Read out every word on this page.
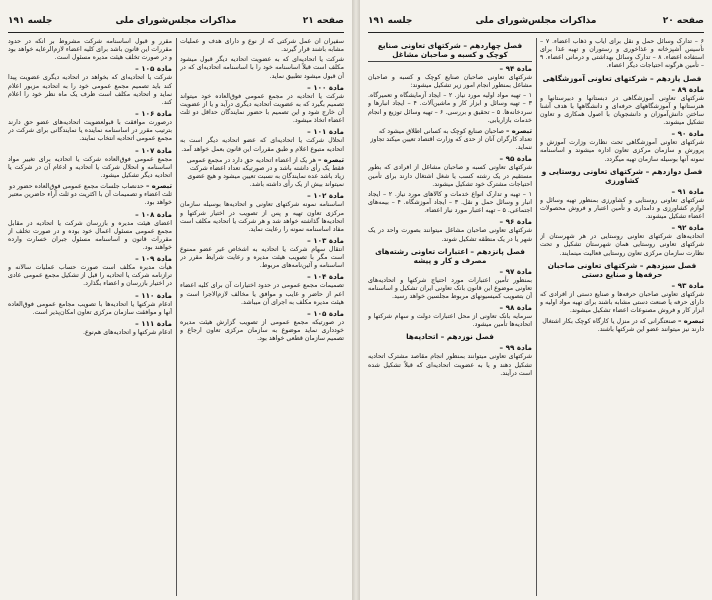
صفحه ۲۱
مذاکرات مجلس‌شورای ملی
جلسه ۱۹۱
سفیران آن عمل شرکتی که از نوع و دارای هدف و عملیات مشابه باشند قرار گیرند.
شرکت یا اتحادیه‌ای که به عضویت اتحادیه دیگر قبول میشود مکلف است قبلاً اساسنامه خود را با اساسنامه اتحادیه‌ای که در آن قبول میشود تطبیق نماید.
مادة ۱۰۰ –
شرکت یا اتحادیه در مجمع عمومی فوق‌العاده خود میتواند تصمیم بگیرد که به عضویت اتحادیه دیگری درآید و یا از عضویت آن خارج شود و این تصمیم با حضور نمایندگان حداقل دو ثلث اعضاء اتخاذ میشود.
مادة ۱۰۱ –
انحلال شرکت یا اتحادیه‌ای که عضو اتحادیه دیگر است به اتحادیه متبوع اعلام و طبق مقررات این قانون بعمل خواهد آمد.
تبصره – هر یک از اعضاء اتحادیه حق دارد در مجمع عمومی فقط یک رأی داشته باشد و در صورتیکه تعداد اعضاء شرکت زیاد باشد عده نمایندگان به نسبت تعیین میشود و هیچ عضوی نمیتواند بیش از یک رأی داشته باشد.
مادة ۱۰۲ –
اساسنامه نمونه شرکتهای تعاونی و اتحادیه‌ها بوسیله سازمان مرکزی تعاون تهیه و پس از تصویب در اختیار شرکتها و اتحادیه‌ها گذاشته خواهد شد و هر شرکت یا اتحادیه مکلف است مفاد اساسنامه نمونه را رعایت نماید.
مادة ۱۰۳ –
انتقال سهام شرکت یا اتحادیه به اشخاص غیر عضو ممنوع است مگر با تصویب هیئت مدیره و رعایت شرایط مقرر در اساسنامه و آئین‌نامه‌های مربوط.
مادة ۱۰۴ –
تصمیمات مجمع عمومی در حدود اختیارات آن برای کلیه اعضاء اعم از حاضر و غایب و موافق یا مخالف لازم‌الاجرا است و هیئت مدیره مکلف به اجرای آن میباشد.
مادة ۱۰۵ –
در صورتیکه مجمع عمومی از تصویب گزارش هیئت مدیره خودداری نماید موضوع به سازمان مرکزی تعاون ارجاع و تصمیم سازمان قطعی خواهد بود.
مقرر و قبول اساسنامه شرکت مشروط بر آنکه در حدود مقررات این قانون باشد برای کلیه اعضاء لازم‌الرعایه خواهد بود و در صورت تخلف هیئت مدیره مسئول است.
مادة ۱۰۵ –
شرکت یا اتحادیه‌ای که بخواهد در اتحادیه دیگری عضویت پیدا کند باید تصمیم مجمع عمومی خود را به اتحادیه مزبور اعلام نماید و اتحادیه مکلف است ظرف یک ماه نظر خود را اعلام کند.
مادة ۱۰۶ –
درصورت موافقت با قبولعضویت اتحادیه‌های عضو حق دارند بترتیب مقرر در اساسنامه نماینده یا نمایندگانی برای شرکت در مجمع عمومی اتحادیه انتخاب نمایند.
مادة ۱۰۷ –
مجمع عمومی فوق‌العاده شرکت یا اتحادیه برای تغییر مواد اساسنامه و انحلال شرکت یا اتحادیه و ادغام آن در شرکت یا اتحادیه دیگر تشکیل میشود.
تبصره – حدنصاب جلسات مجمع عمومی فوق‌العاده حضور دو ثلث اعضاء و تصمیمات آن با اکثریت دو ثلث آراء حاضرین معتبر خواهد بود.
مادة ۱۰۸ –
اعضای هیئت مدیره و بازرسان شرکت یا اتحادیه در مقابل مجمع عمومی مسئول اعمال خود بوده و در صورت تخلف از مقررات قانون و اساسنامه مسئول جبران خسارت وارده خواهند بود.
مادة ۱۰۹ –
هیأت مدیره مکلف است صورت حساب عملیات سالانه و ترازنامه شرکت یا اتحادیه را قبل از تشکیل مجمع عمومی عادی در اختیار بازرسان و اعضاء بگذارد.
مادة ۱۱۰ –
ادغام شرکتها یا اتحادیه‌ها با تصویب مجامع عمومی فوق‌العاده آنها و موافقت سازمان مرکزی تعاون امکان‌پذیر است.
مادة ۱۱۱ –
ادغام شرکتها و اتحادیه‌های هم‌نوع.
صفحه ۲۰
مذاکرات مجلس‌شورای ملی
جلسه ۱۹۱
۶ – تدارک وسائل حمل و نقل برای ایاب و ذهاب اعضاء. ۷ – تأسیس آشپزخانه و غذاخوری و رستوران و تهیه غذا برای استفاده اعضاء. ۸ – تدارک وسائل بهداشتی و درمانی اعضاء. ۹ – تأمین هرگونه احتیاجات دیگر اعضاء.
فصل یازدهم – شرکتهای تعاونی آموزشگاهی
مادة ۸۹ –
شرکتهای تعاونی آموزشگاهی در دبستانها و دبیرستانها و هنرستانها و آموزشگاههای حرفه‌ای و دانشگاهها با هدف آشنا ساختن دانش‌آموزان و دانشجویان با اصول همکاری و تعاون تشکیل میشوند.
مادة ۹۰ –
شرکتهای تعاونی آموزشگاهی تحت نظارت وزارت آموزش و پرورش و سازمان مرکزی تعاون اداره میشوند و اساسنامه نمونه آنها بوسیله سازمان تهیه میگردد.
فصل دوازدهم – شرکتهای تعاونی روستایی و کشاورزی
مادة ۹۱ –
شرکتهای تعاونی روستایی و کشاورزی بمنظور تهیه وسائل و لوازم کشاورزی و دامداری و تأمین اعتبار و فروش محصولات اعضاء تشکیل میشوند.
مادة ۹۲ –
اتحادیه‌های شرکتهای تعاونی روستایی در هر شهرستان از شرکتهای تعاونی روستایی همان شهرستان تشکیل و تحت نظارت سازمان مرکزی تعاون روستایی فعالیت مینمایند.
فصل سیزدهم – شرکتهای تعاونی صاحبان حرفه‌ها و صنایع دستی
مادة ۹۳ –
شرکتهای تعاونی صاحبان حرفه‌ها و صنایع دستی از افرادی که دارای حرفه یا صنعت دستی مشابه باشند برای تهیه مواد اولیه و ابزار کار و فروش مصنوعات اعضاء تشکیل میشوند.
تبصره – صنعتگرانی که در منزل یا کارگاه کوچک بکار اشتغال دارند نیز میتوانند عضو این شرکتها باشند.
فصل چهاردهم – شرکتهای تعاونی صنایع کوچک و کسبه و صاحبان مشاغل
مادة ۹۴ –
شرکتهای تعاونی صاحبان صنایع کوچک و کسبه و صاحبان مشاغل بمنظور انجام امور زیر تشکیل میشوند:
۱ – تهیه مواد اولیه مورد نیاز. ۲ – ایجاد آزمایشگاه و تعمیرگاه. ۳ – تهیه وسائل و ابزار کار و ماشین‌آلات. ۴ – ایجاد انبارها و سردخانه‌ها. ۵ – تحقیق و بررسی. ۶ – تهیه وسائل توزیع و انجام خدمات بازاریابی.
تبصره – صاحبان صنایع کوچک به کسانی اطلاق میشود که تعداد کارگران آنان از حدی که وزارت اقتصاد تعیین میکند تجاوز ننماید.
مادة ۹۵ –
شرکتهای تعاونی کسبه و صاحبان مشاغل از افرادی که بطور مستقیم در یک رشته کسب یا شغل اشتغال دارند برای تأمین احتیاجات مشترک خود تشکیل میشوند.
۱ – تهیه و تدارک انواع خدمات و کالاهای مورد نیاز. ۲ – ایجاد انبار و وسائل حمل و نقل. ۳ – ایجاد آموزشگاه. ۴ – بیمه‌های اجتماعی. ۵ – تهیه اعتبار مورد نیاز اعضاء.
مادة ۹۶ –
شرکتهای تعاونی صاحبان مشاغل میتوانند بصورت واحد در یک شهر یا در یک منطقه تشکیل شوند.
فصل پانزدهم – اعتبارات تعاونی رشته‌های مصرف و کار و پیشه
مادة ۹۷ –
بمنظور تأمین اعتبارات مورد احتیاج شرکتها و اتحادیه‌های تعاونی موضوع این قانون بانک تعاونی ایران تشکیل و اساسنامه آن بتصویب کمیسیونهای مربوط مجلسین خواهد رسید.
مادة ۹۸ –
سرمایه بانک تعاونی از محل اعتبارات دولت و سهام شرکتها و اتحادیه‌ها تأمین میشود.
فصل نوزدهم – اتحادیه‌ها
مادة ۹۹ –
شرکتهای تعاونی میتوانند بمنظور انجام مقاصد مشترک اتحادیه تشکیل دهند و یا به عضویت اتحادیه‌ای که قبلاً تشکیل شده است درآیند.
